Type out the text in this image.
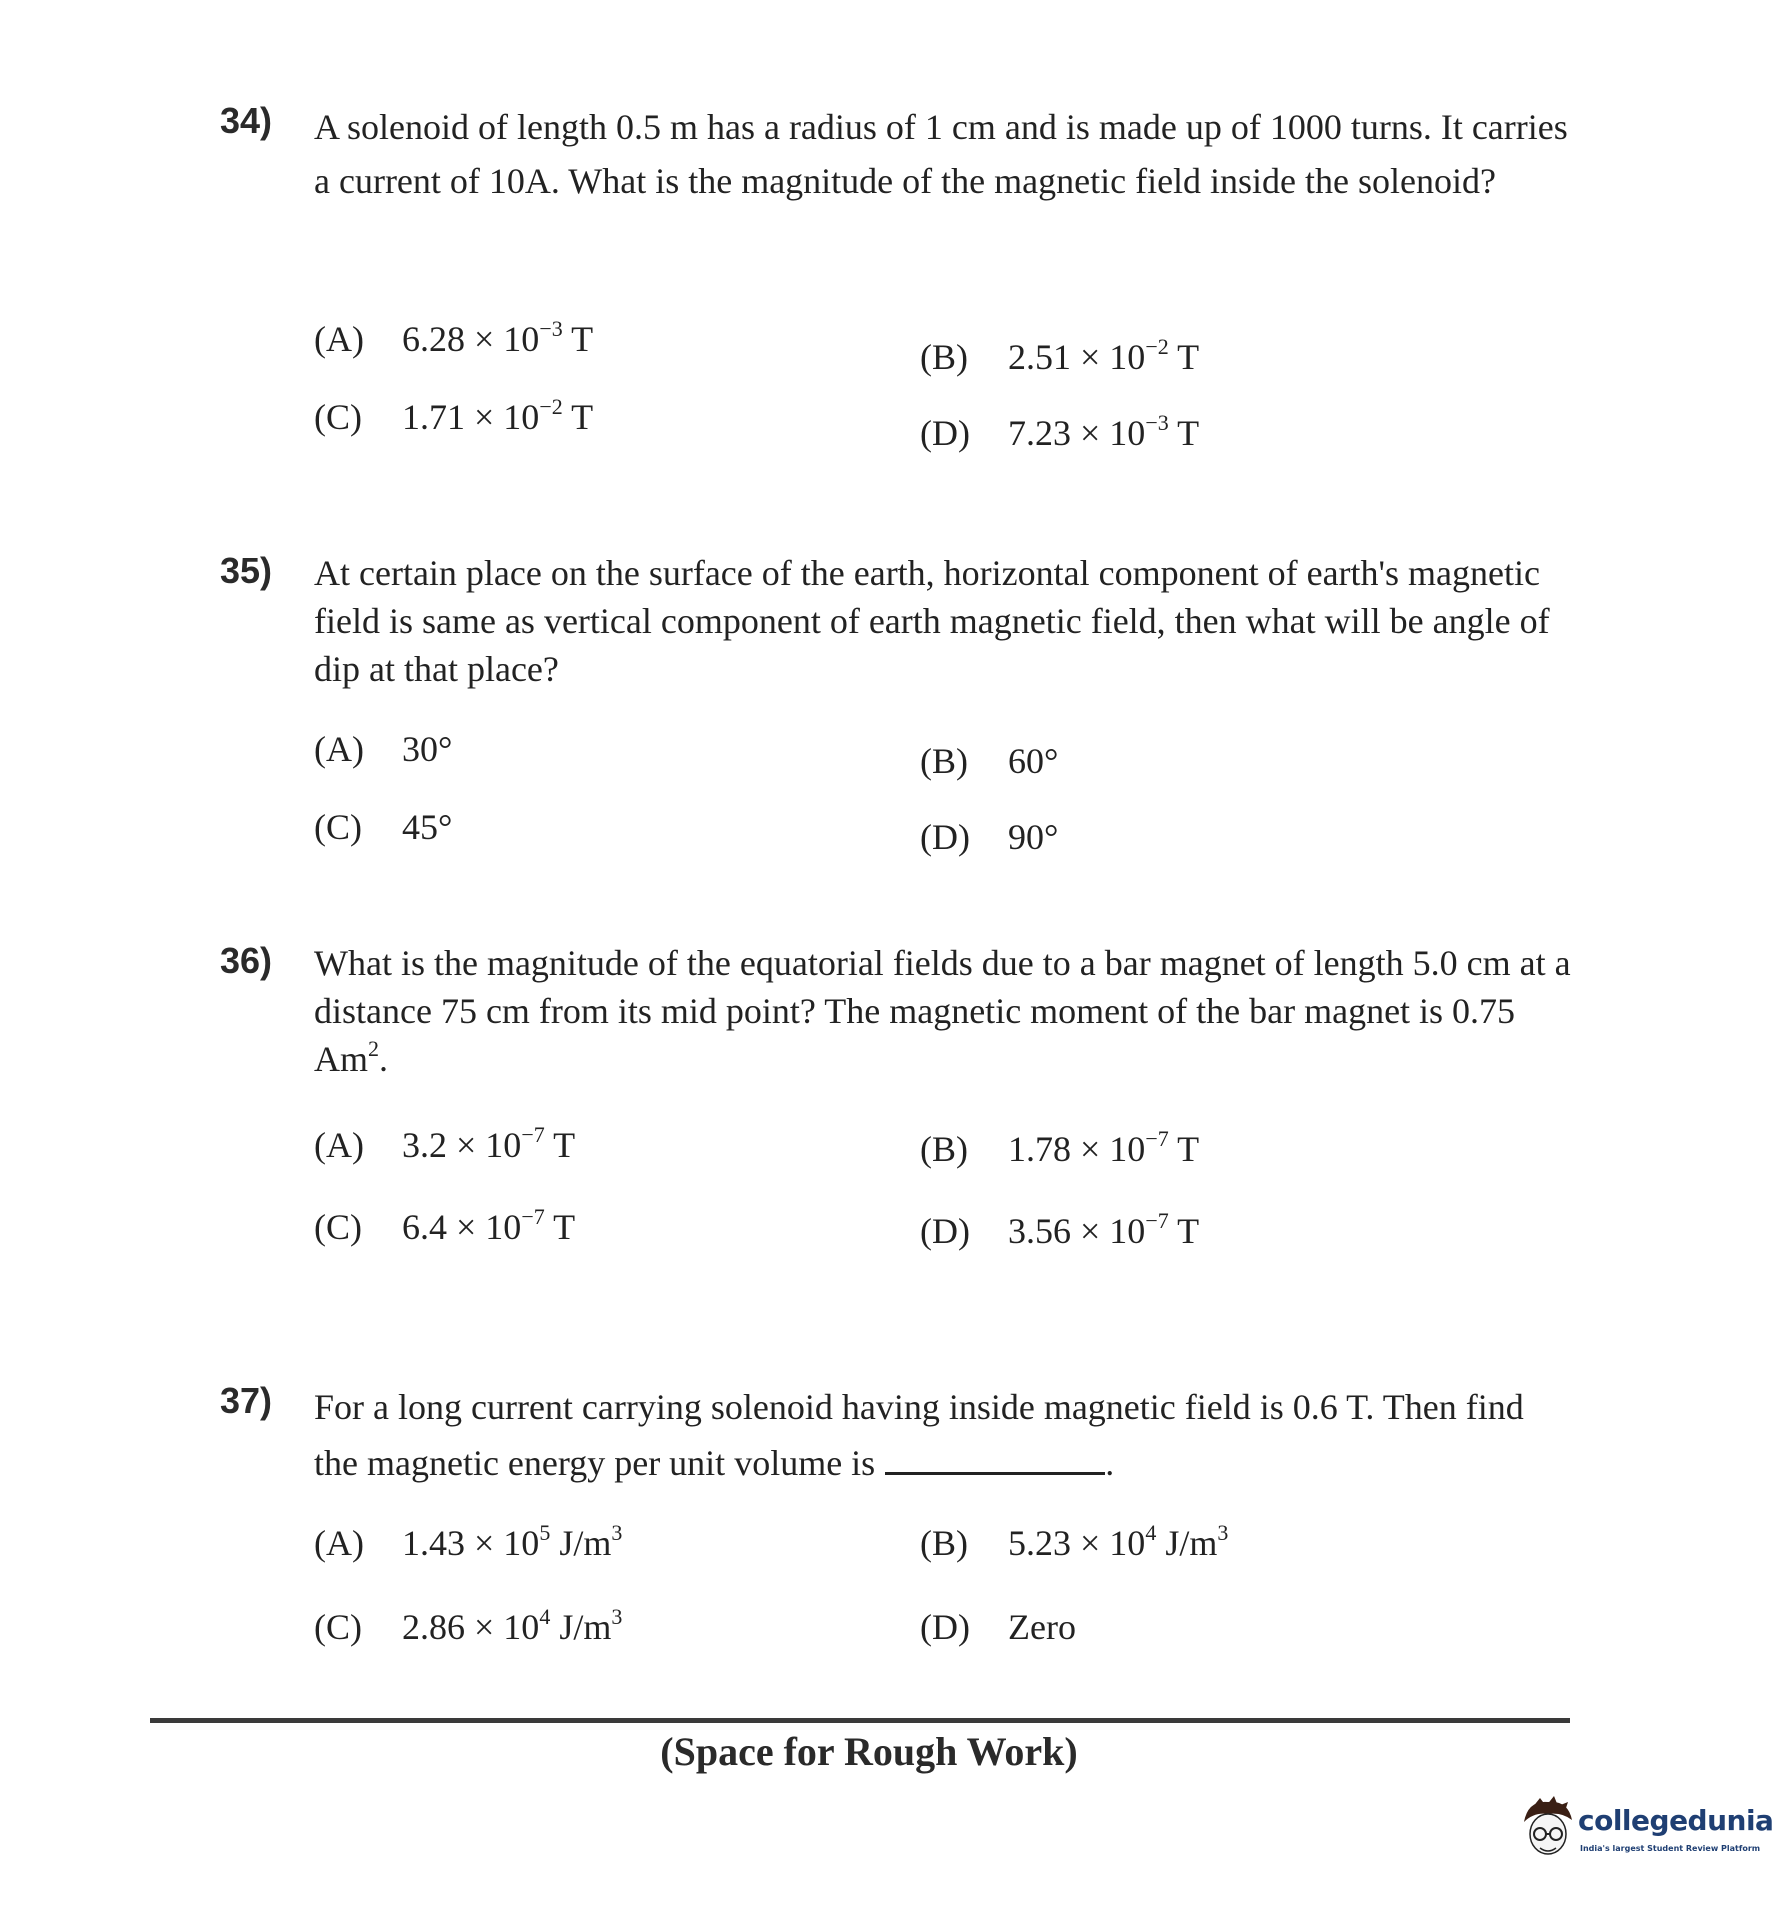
34) A solenoid of length 0.5 m has a radius of 1 cm and is made up of 1000 turns. It carries a current of 10A. What is the magnitude of the magnetic field inside the solenoid?
(A) $6.28 \times 10^{-3}$ T	(B) $2.51 \times 10^{-2}$ T
(C) $1.71 \times 10^{-2}$ T	(D) $7.23 \times 10^{-3}$ T
35) At certain place on the surface of the earth, horizontal component of earth's magnetic field is same as vertical component of earth magnetic field, then what will be angle of dip at that place?
(A) 30°	(B) 60°
(C) 45°	(D) 90°
36) What is the magnitude of the equatorial fields due to a bar magnet of length 5.0 cm at a distance 75 cm from its mid point? The magnetic moment of the bar magnet is 0.75 Am$^2$.
(A) $3.2 \times 10^{-7}$ T	(B) $1.78 \times 10^{-7}$ T
(C) $6.4 \times 10^{-7}$ T	(D) $3.56 \times 10^{-7}$ T
37) For a long current carrying solenoid having inside magnetic field is 0.6 T. Then find the magnetic energy per unit volume is	.
(A) $1.43 \times 10^5$ $J/m^3$	(B) $5.23 \times 10^4$ $J/m^3$
(C) $2.86 \times 10^4$ $J/m^3$	(D) Zero
(Space for Rough Work)
collegedunia
India's largest Student Review Platform
